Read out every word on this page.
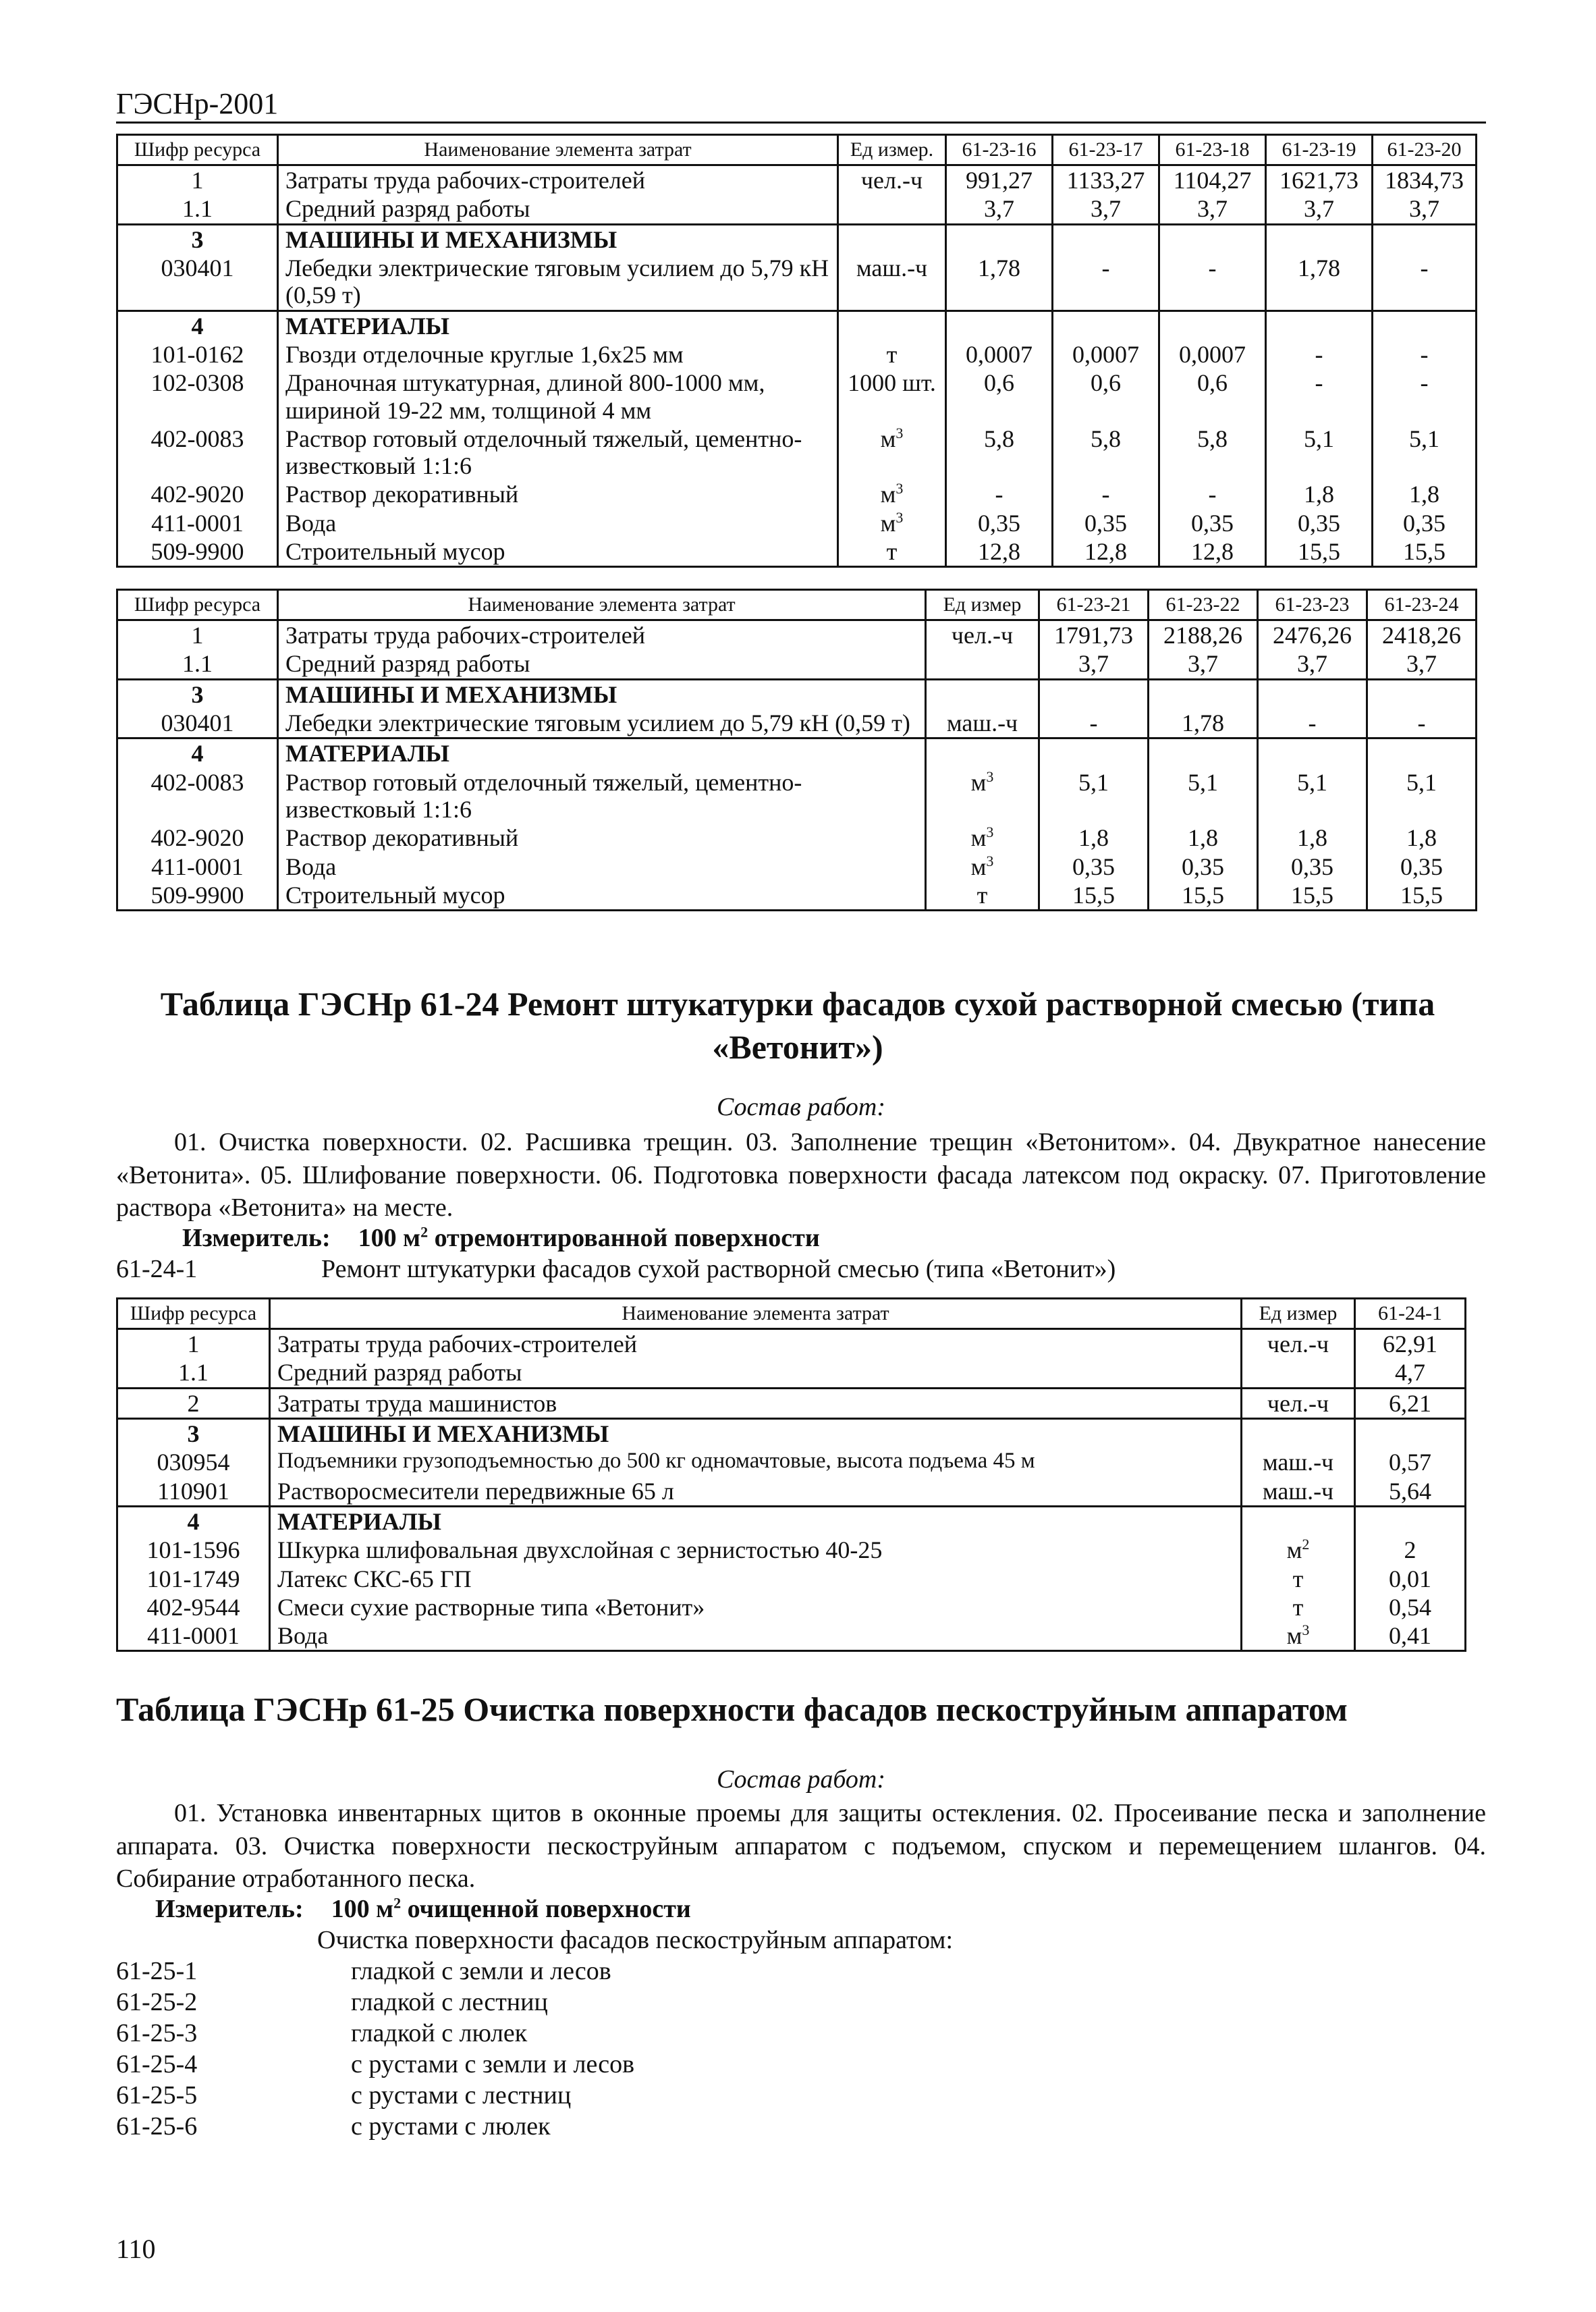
ГЭСНр-2001
Шифр ресурса	Наименование элемента затрат	Ед измер.	61-23-16	61-23-17	61-23-18	61-23-19	61-23-20
1	Затраты труда рабочих-строителей	чел.-ч	991,27	1133,27	1104,27	1621,73	1834,73
1.1	Средний разряд работы		3,7	3,7	3,7	3,7	3,7
3	МАШИНЫ И МЕХАНИЗМЫ						
030401	Лебедки электрические тяговым усилием до 5,79 кН (0,59 т)	маш.-ч	1,78	-	-	1,78	-
4	МАТЕРИАЛЫ						
101-0162	Гвозди отделочные круглые 1,6х25 мм	т	0,0007	0,0007	0,0007	-	-
102-0308	Драночная штукатурная, длиной 800-1000 мм, шириной 19-22 мм, толщиной 4 мм	1000 шт.	0,6	0,6	0,6	-	-
402-0083	Раствор готовый отделочный тяжелый, цементно-известковый 1:1:6	$м^3$	5,8	5,8	5,8	5,1	5,1
402-9020	Раствор декоративный	$м^3$	-	-	-	1,8	1,8
411-0001	Вода	$м^3$	0,35	0,35	0,35	0,35	0,35
509-9900	Строительный мусор	т	12,8	12,8	12,8	15,5	15,5
Шифр ресурса	Наименование элемента затрат	Ед измер	61-23-21	61-23-22	61-23-23	61-23-24
1	Затраты труда рабочих-строителей	чел.-ч	1791,73	2188,26	2476,26	2418,26
1.1	Средний разряд работы		3,7	3,7	3,7	3,7
3	МАШИНЫ И МЕХАНИЗМЫ					
030401	Лебедки электрические тяговым усилием до 5,79 кН (0,59 т)	маш.-ч	-	1,78	-	-
4	МАТЕРИАЛЫ					
402-0083	Раствор готовый отделочный тяжелый, цементно-известковый 1:1:6	$м^3$	5,1	5,1	5,1	5,1
402-9020	Раствор декоративный	$м^3$	1,8	1,8	1,8	1,8
411-0001	Вода	$м^3$	0,35	0,35	0,35	0,35
509-9900	Строительный мусор	т	15,5	15,5	15,5	15,5
Таблица ГЭСНр 61-24 Ремонт штукатурки фасадов сухой растворной смесью (типа «Ветонит»)
Состав работ:
01. Очистка поверхности. 02. Расшивка трещин. 03. Заполнение трещин «Ветонитом». 04. Двукратное нанесение «Ветонита». 05. Шлифование поверхности. 06. Подготовка поверхности фасада латексом под окраску. 07. Приготовление раствора «Ветонита» на месте.
Измеритель: 100 $м^2$ отремонтированной поверхности
61-24-1	Ремонт штукатурки фасадов сухой растворной смесью (типа «Ветонит»)
Шифр ресурса	Наименование элемента затрат	Ед измер	61-24-1
1	Затраты труда рабочих-строителей	чел.-ч	62,91
1.1	Средний разряд работы		4,7
2	Затраты труда машинистов	чел.-ч	6,21
3	МАШИНЫ И МЕХАНИЗМЫ		
030954	Подъемники грузоподъемностью до 500 кг одномачтовые, высота подъема 45 м	маш.-ч	0,57
110901	Растворосмесители передвижные 65 л	маш.-ч	5,64
4	МАТЕРИАЛЫ		
101-1596	Шкурка шлифовальная двухслойная с зернистостью 40-25	$м^2$	2
101-1749	Латекс СКС-65 ГП	т	0,01
402-9544	Смеси сухие растворные типа «Ветонит»	т	0,54
411-0001	Вода	$м^3$	0,41
Таблица ГЭСНр 61-25 Очистка поверхности фасадов пескоструйным аппаратом
Состав работ:
01. Установка инвентарных щитов в оконные проемы для защиты остекления. 02. Просеивание песка и заполнение аппарата. 03. Очистка поверхности пескоструйным аппаратом с подъемом, спуском и перемещением шлангов. 04. Собирание отработанного песка.
Измеритель: 100 $м^2$ очищенной поверхности
Очистка поверхности фасадов пескоструйным аппаратом:
61-25-1	гладкой с земли и лесов
61-25-2	гладкой с лестниц
61-25-3	гладкой с люлек
61-25-4	с рустами с земли и лесов
61-25-5	с рустами с лестниц
61-25-6	с рустами с люлек
110
